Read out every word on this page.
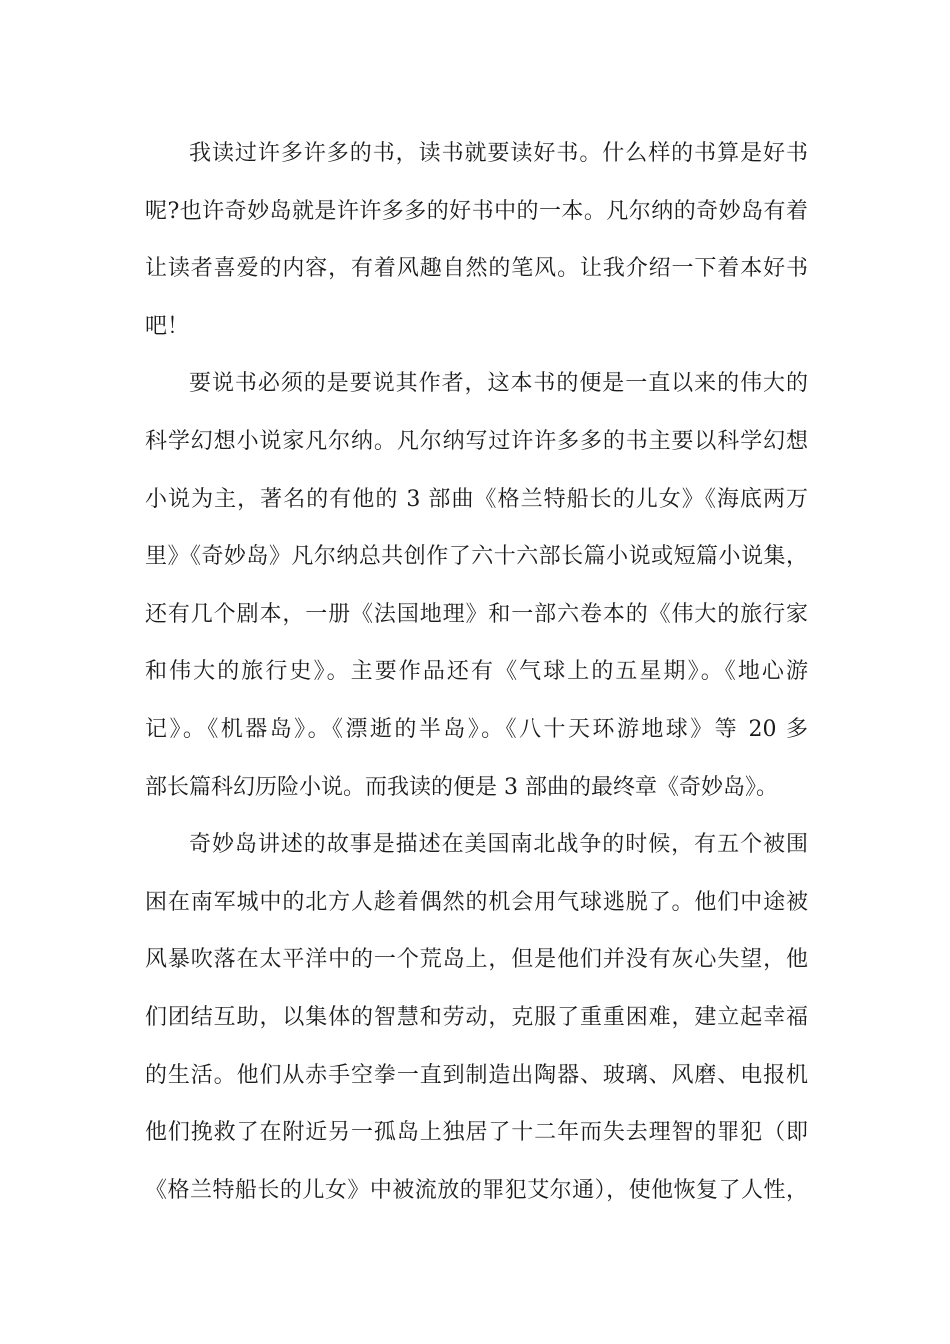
我读过许多许多的书，读书就要读好书。什么样的书算是好书
呢?也许奇妙岛就是许许多多的好书中的一本。凡尔纳的奇妙岛有着
让读者喜爱的内容，有着风趣自然的笔风。让我介绍一下着本好书
吧！
要说书必须的是要说其作者，这本书的便是一直以来的伟大的
科学幻想小说家凡尔纳。凡尔纳写过许许多多的书主要以科学幻想
小说为主，著名的有他的 3 部曲《格兰特船长的儿女》《海底两万
里》《奇妙岛》凡尔纳总共创作了六十六部长篇小说或短篇小说集，
还有几个剧本，一册《法国地理》和一部六卷本的《伟大的旅行家
和伟大的旅行史》。主要作品还有《气球上的五星期》。《地心游
记》。《机器岛》。《漂逝的半岛》。《八十天环游地球》等 20 多
部长篇科幻历险小说。而我读的便是 3 部曲的最终章《奇妙岛》。
奇妙岛讲述的故事是描述在美国南北战争的时候，有五个被围
困在南军城中的北方人趁着偶然的机会用气球逃脱了。他们中途被
风暴吹落在太平洋中的一个荒岛上，但是他们并没有灰心失望，他
们团结互助，以集体的智慧和劳动，克服了重重困难，建立起幸福
的生活。他们从赤手空拳一直到制造出陶器、玻璃、风磨、电报机
他们挽救了在附近另一孤岛上独居了十二年而失去理智的罪犯（即
《格兰特船长的儿女》中被流放的罪犯艾尔通），使他恢复了人性，
